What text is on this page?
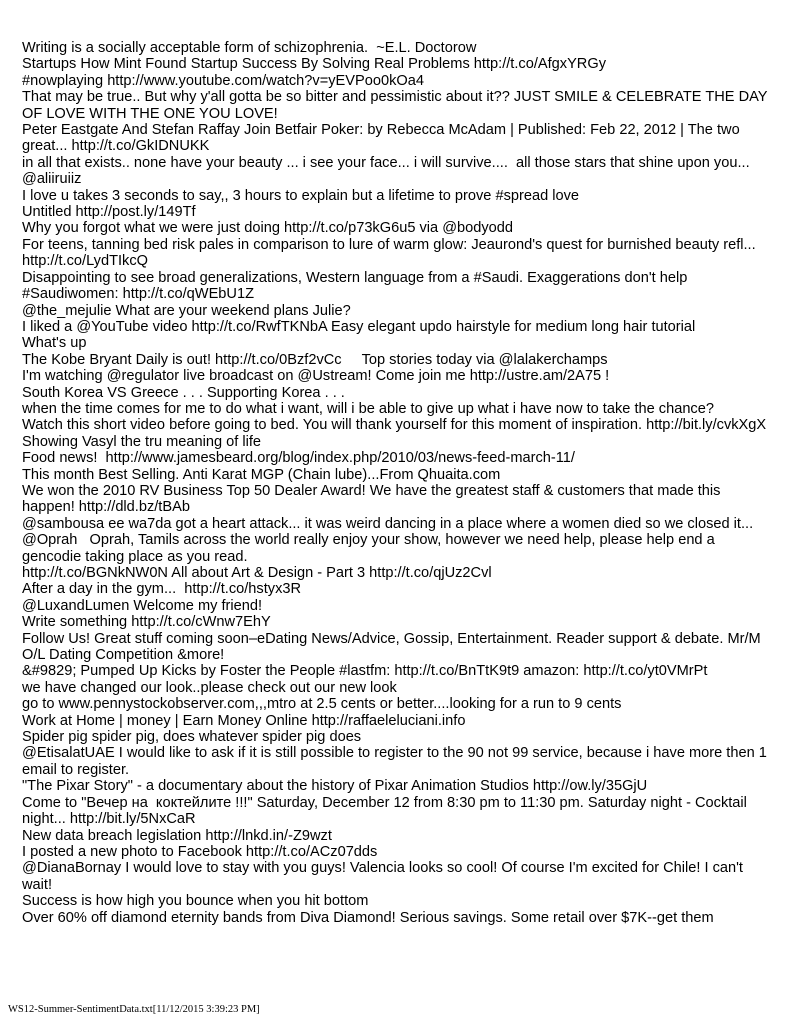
Writing is a socially acceptable form of schizophrenia.  ~E.L. Doctorow
Startups How Mint Found Startup Success By Solving Real Problems http://t.co/AfgxYRGy
#nowplaying http://www.youtube.com/watch?v=yEVPoo0kOa4
That may be true.. But why y'all gotta be so bitter and pessimistic about it?? JUST SMILE & CELEBRATE THE DAY OF LOVE WITH THE ONE YOU LOVE!
Peter Eastgate And Stefan Raffay Join Betfair Poker: by Rebecca McAdam | Published: Feb 22, 2012 | The two great... http://t.co/GkIDNUKK
in all that exists.. none have your beauty ... i see your face... i will survive....  all those stars that shine upon you... @aliiruiiz
I love u takes 3 seconds to say,, 3 hours to explain but a lifetime to prove #spread love
Untitled http://post.ly/149Tf
Why you forgot what we were just doing http://t.co/p73kG6u5 via @bodyodd
For teens, tanning bed risk pales in comparison to lure of warm glow: Jeaurond's quest for burnished beauty refl... http://t.co/LydTIkcQ
Disappointing to see broad generalizations, Western language from a #Saudi. Exaggerations don't help #Saudiwomen: http://t.co/qWEbU1Z
@the_mejulie What are your weekend plans Julie?
I liked a @YouTube video http://t.co/RwfTKNbA Easy elegant updo hairstyle for medium long hair tutorial
What's up
The Kobe Bryant Daily is out! http://t.co/0Bzf2vCc     Top stories today via @lalakerchamps
I'm watching @regulator live broadcast on @Ustream! Come join me http://ustre.am/2A75 !
South Korea VS Greece . . . Supporting Korea . . .
when the time comes for me to do what i want, will i be able to give up what i have now to take the chance?
Watch this short video before going to bed. You will thank yourself for this moment of inspiration. http://bit.ly/cvkXgX
Showing Vasyl the tru meaning of life
Food news!  http://www.jamesbeard.org/blog/index.php/2010/03/news-feed-march-11/
This month Best Selling. Anti Karat MGP (Chain lube)...From Qhuaita.com
We won the 2010 RV Business Top 50 Dealer Award! We have the greatest staff & customers that made this happen! http://dld.bz/tBAb
@sambousa ee wa7da got a heart attack... it was weird dancing in a place where a women died so we closed it...
@Oprah   Oprah, Tamils across the world really enjoy your show, however we need help, please help end a gencodie taking place as you read.
http://t.co/BGNkNW0N All about Art & Design - Part 3 http://t.co/qjUz2Cvl
After a day in the gym...  http://t.co/hstyx3R
@LuxandLumen Welcome my friend!
Write something http://t.co/cWnw7EhY
Follow Us! Great stuff coming soon–eDating News/Advice, Gossip, Entertainment. Reader support & debate. Mr/M O/L Dating Competition &more!
&#9829; Pumped Up Kicks by Foster the People #lastfm: http://t.co/BnTtK9t9 amazon: http://t.co/yt0VMrPt
we have changed our look..please check out our new look
go to www.pennystockobserver.com,,,mtro at 2.5 cents or better....looking for a run to 9 cents
Work at Home | money | Earn Money Online http://raffaeleluciani.info
Spider pig spider pig, does whatever spider pig does
@EtisalatUAE I would like to ask if it is still possible to register to the 90 not 99 service, because i have more then 1 email to register.
"The Pixar Story" - a documentary about the history of Pixar Animation Studios http://ow.ly/35GjU
Come to "Вечер на  коктейлите !!!" Saturday, December 12 from 8:30 pm to 11:30 pm. Saturday night - Cocktail night... http://bit.ly/5NxCaR
New data breach legislation http://lnkd.in/-Z9wzt
I posted a new photo to Facebook http://t.co/ACz07dds
@DianaBornay I would love to stay with you guys! Valencia looks so cool! Of course I'm excited for Chile! I can't wait!
Success is how high you bounce when you hit bottom
Over 60% off diamond eternity bands from Diva Diamond! Serious savings. Some retail over $7K--get them
WS12-Summer-SentimentData.txt[11/12/2015 3:39:23 PM]
